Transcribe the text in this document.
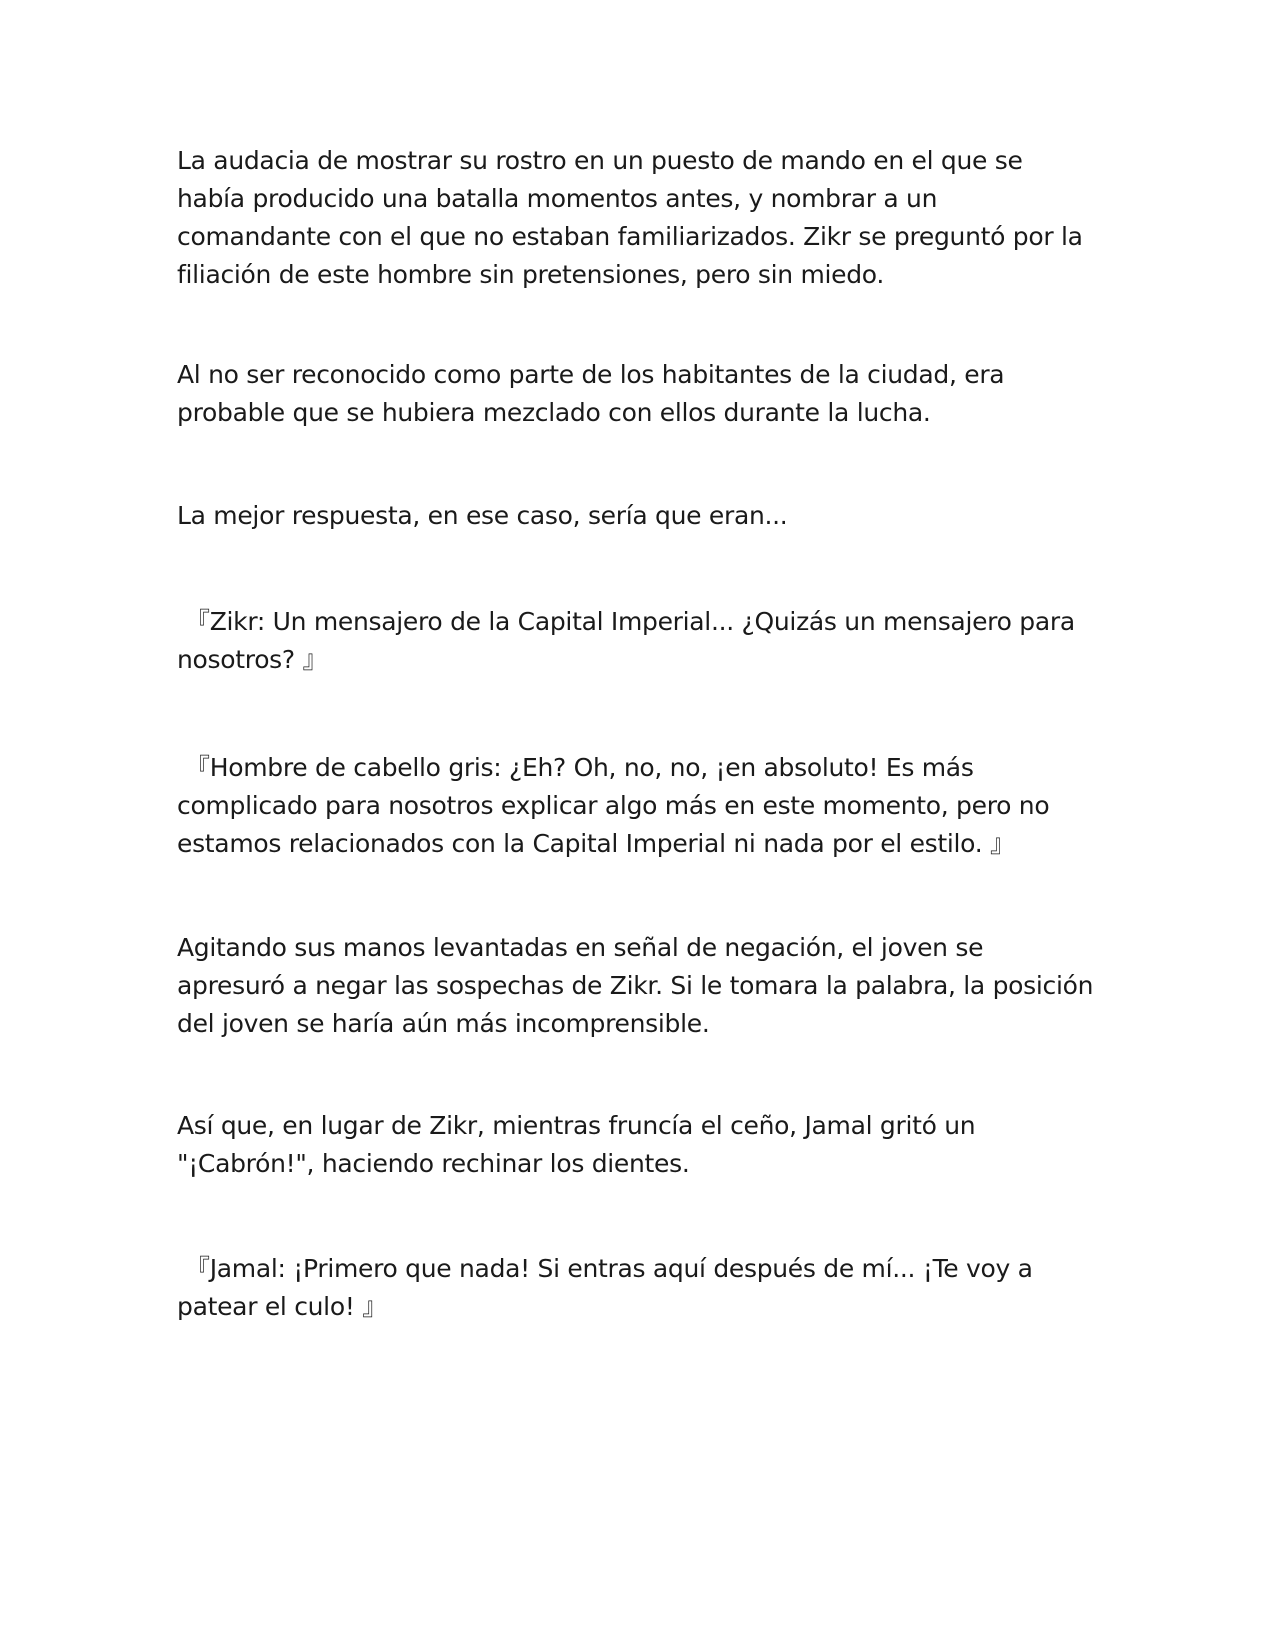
La audacia de mostrar su rostro en un puesto de mando en el que se había producido una batalla momentos antes, y nombrar a un comandante con el que no estaban familiarizados. Zikr se preguntó por la filiación de este hombre sin pretensiones, pero sin miedo.

Al no ser reconocido como parte de los habitantes de la ciudad, era probable que se hubiera mezclado con ellos durante la lucha.

La mejor respuesta, en ese caso, sería que eran...

『Zikr: Un mensajero de la Capital Imperial... ¿Quizás un mensajero para nosotros? 』

『Hombre de cabello gris: ¿Eh? Oh, no, no, ¡en absoluto! Es más complicado para nosotros explicar algo más en este momento, pero no estamos relacionados con la Capital Imperial ni nada por el estilo. 』

Agitando sus manos levantadas en señal de negación, el joven se apresuró a negar las sospechas de Zikr. Si le tomara la palabra, la posición del joven se haría aún más incomprensible.

Así que, en lugar de Zikr, mientras fruncía el ceño, Jamal gritó un "¡Cabrón!", haciendo rechinar los dientes.

『Jamal: ¡Primero que nada! Si entras aquí después de mí... ¡Te voy a patear el culo! 』
